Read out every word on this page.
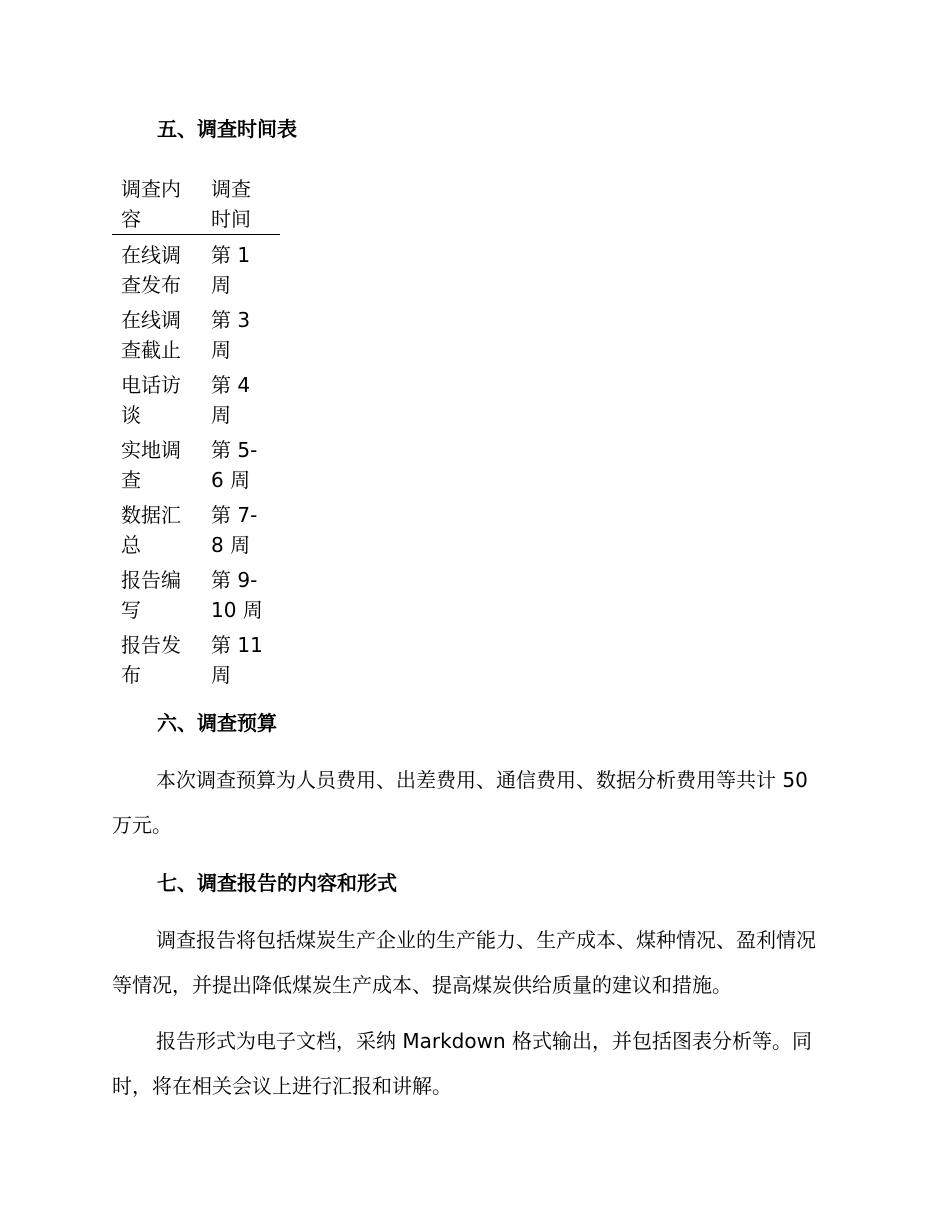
五、调查时间表
调查内容	调查时间
在线调查发布	第 1 周
在线调查截止	第 3 周
电话访谈	第 4 周
实地调查	第 5-6 周
数据汇总	第 7-8 周
报告编写	第 9-10 周
报告发布	第 11 周
六、调查预算

本次调查预算为人员费用、出差费用、通信费用、数据分析费用等共计 50 万元。

七、调查报告的内容和形式

调查报告将包括煤炭生产企业的生产能力、生产成本、煤种情况、盈利情况等情况，并提出降低煤炭生产成本、提高煤炭供给质量的建议和措施。

报告形式为电子文档，采纳 Markdown 格式输出，并包括图表分析等。同时，将在相关会议上进行汇报和讲解。
